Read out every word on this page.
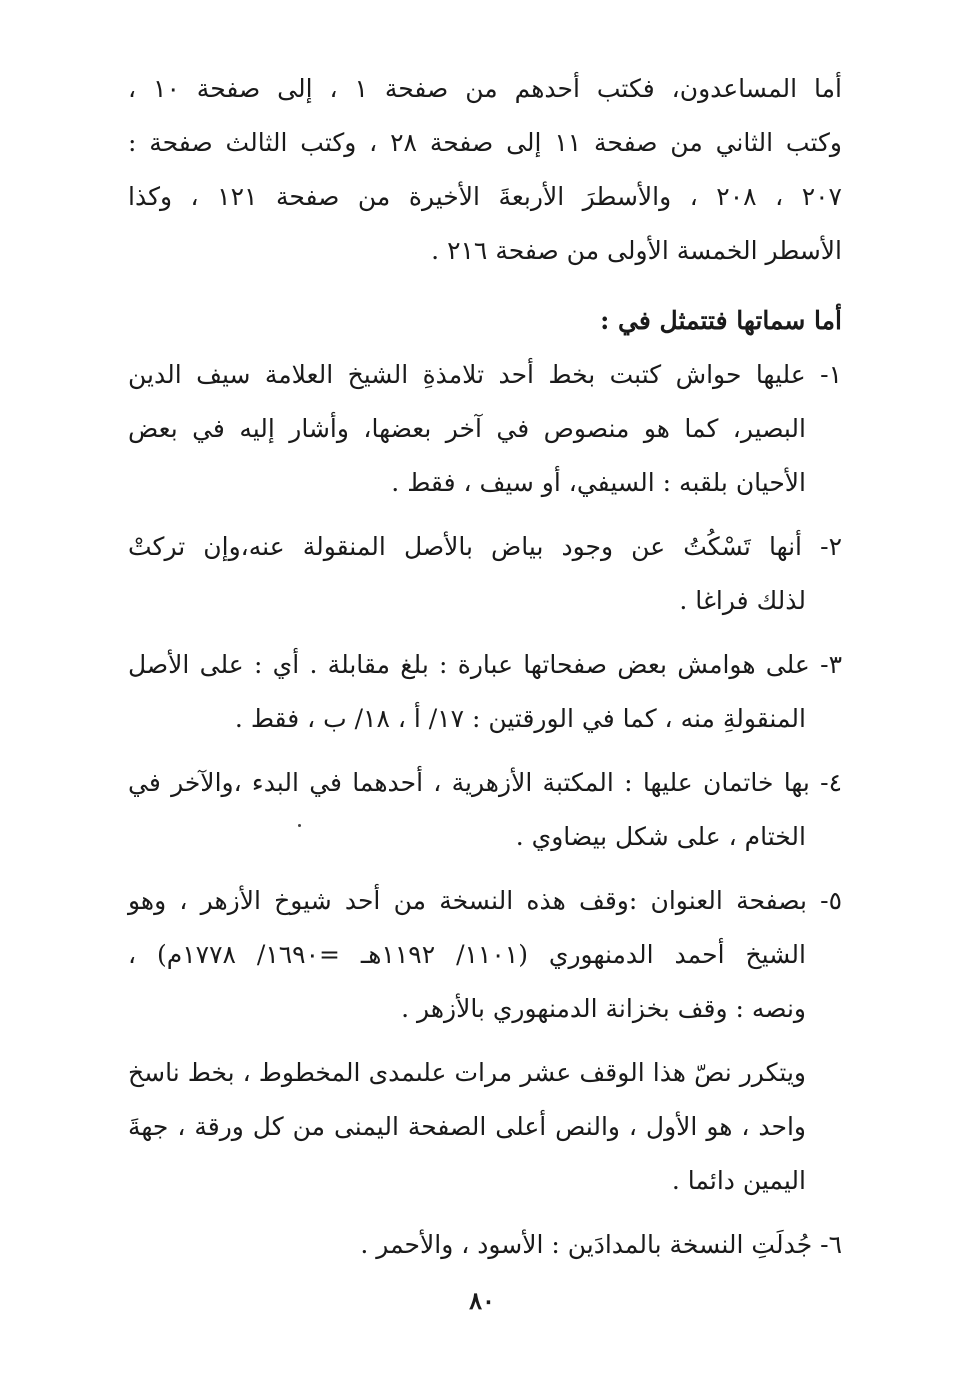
أما المساعدون، فكتب أحدهم من صفحة ١ ، إلى صفحة ١٠ ،
وكتب الثاني من صفحة ١١ إلى صفحة ٢٨ ، وكتب الثالث صفحة :
٢٠٧ ، ٢٠٨ ، والأسطرَ الأربعةَ الأخيرة من صفحة ١٢١ ، وكذا
الأسطر الخمسة الأولى من صفحة ٢١٦ .
أما سماتها فتتمثل في :
١- عليها حواش كتبت بخط أحد تلامذةِ الشيخ العلامة سيف الدين
البصير، كما هو منصوص في آخر بعضها، وأشار إليه في بعض
الأحيان بلقبه : السيفي، أو سيف ، فقط .
٢- أنها تَسْكُتُ عن وجود بياض بالأصل المنقولة عنه،وإن تركتْ
لذلك فراغا .
٣- على هوامش بعض صفحاتها عبارة : بلغ مقابلة . أي : على الأصل
المنقولةِ منه ، كما في الورقتين : ١٧/ أ ، ١٨/ ب ، فقط .
٤- بها خاتمان عليها : المكتبة الأزهرية ، أحدهما في البدء ،والآخر في
الختام ، على شكل بيضاوي .
٥- بصفحة العنوان :وقف هذه النسخة من أحد شيوخ الأزهر ، وهو
الشيخ أحمد الدمنهوري (١١٠١/ ١١٩٢هـ =١٦٩٠/ ١٧٧٨م) ،
ونصه : وقف بخزانة الدمنهوري بالأزهر .
ويتكرر نصّ هذا الوقف عشر مرات علىمدى المخطوط ، بخط ناسخ
واحد ، هو الأول ، والنص أعلى الصفحة اليمنى من كل ورقة ، جهةَ
اليمين دائما .
٦- جُدلَتِ النسخة بالمدادَين : الأسود ، والأحمر .
٨٠
